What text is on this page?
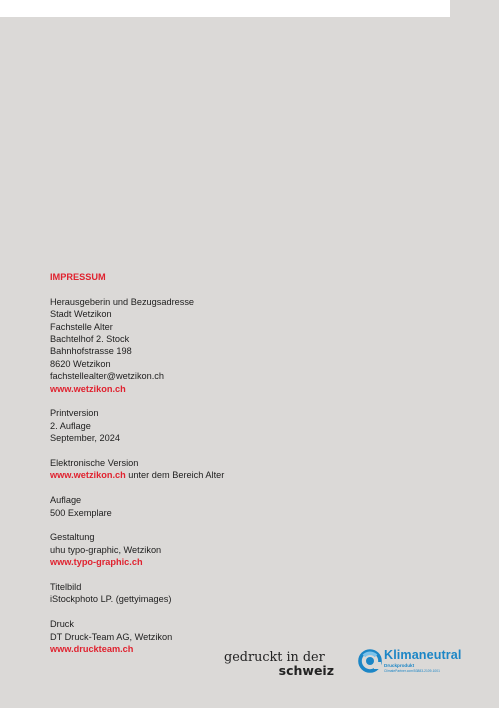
IMPRESSUM
Herausgeberin und Bezugsadresse
Stadt Wetzikon
Fachstelle Alter
Bachtelhof 2. Stock
Bahnhofstrasse 198
8620 Wetzikon
fachstellealter@wetzikon.ch
www.wetzikon.ch
Printversion
2. Auflage
September, 2024
Elektronische Version
www.wetzikon.ch unter dem Bereich Alter
Auflage
500 Exemplare
Gestaltung
uhu typo-graphic, Wetzikon
www.typo-graphic.ch
Titelbild
iStockphoto LP. (gettyimages)
Druck
DT Druck-Team AG, Wetzikon
www.druckteam.ch
gedruckt in der
schweiz
Klimaneutral
Druckprodukt
ClimatePartner.com/53883-2109-1001
